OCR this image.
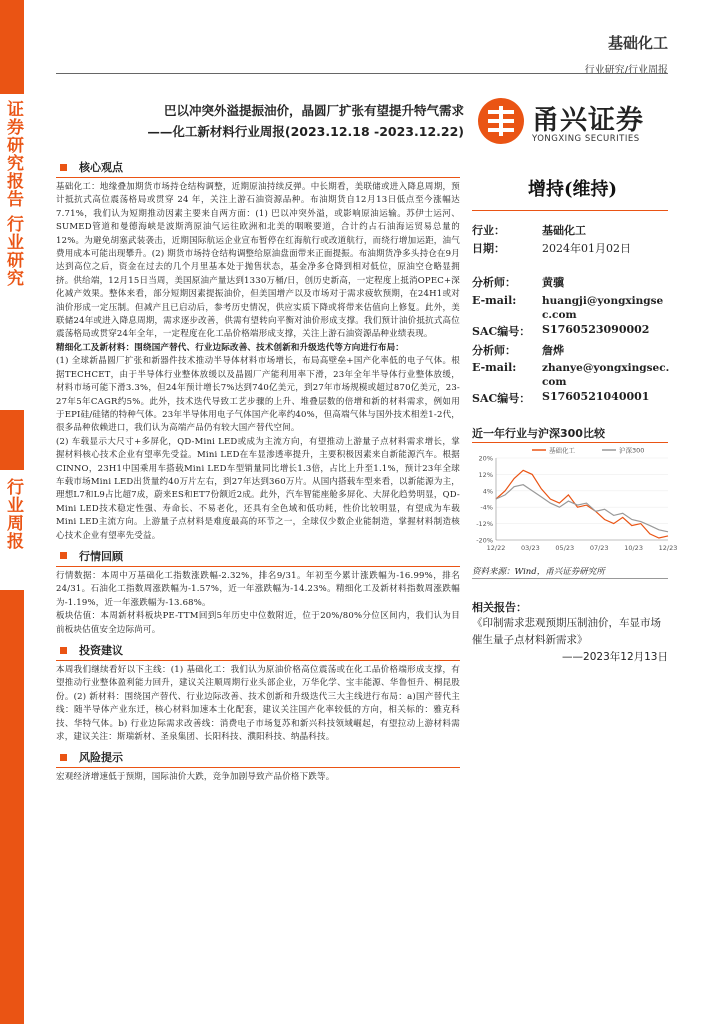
证券研究报告 行业研究
行业周报
基础化工
行业研究/行业周报
巴以冲突外溢提振油价，晶圆厂扩张有望提升特气需求
——化工新材料行业周报(2023.12.18 -2023.12.22)	甬兴证券
YONGXING SECURITIES
核心观点

基础化工：地缘叠加期货市场持仓结构调整，近期原油持续反弹。中长期看，美联储或进入降息周期，预计抵抗式高位震荡格局或贯穿 24 年，关注上游石油资源品种。布油期货自12月13日低点至今涨幅达7.71%，我们认为短期推动因素主要来自两方面：(1) 巴以冲突外溢，或影响原油运输。苏伊士运河、SUMED管道和曼德海峡是波斯湾原油气运往欧洲和北美的咽喉要道，合计约占石油海运贸易总量的12%。为避免胡塞武装袭击，近期国际航运企业宣布暂停在红海航行或改道航行，而绕行增加运距，油气费用成本可能出现攀升。(2) 期货市场持仓结构调整给原油盘面带来正面提振。布油期货净多头持仓在9月达到高位之后，资金在过去的几个月里基本处于抛售状态，基金净多仓降到相对低位，原油空仓略显拥挤。供给端，12月15日当周，美国原油产量达到1330万桶/日，创历史新高，一定程度上抵消OPEC+深化减产效果。整体来看，部分短期因素提振油价，但美国增产以及市场对于需求疲软预期，在24H1或对油价形成一定压制。但减产且已启动后，参考历史情况，供应实质下降或将带来估值向上修复。此外，美联储24年或进入降息周期，需求逐步改善，供需有望转向平衡对油价形成支撑。我们预计油价抵抗式高位震荡格局或贯穿24年全年，一定程度在化工品价格端形成支撑，关注上游石油资源品种业绩表现。

精细化工及新材料：围绕国产替代、行业边际改善、技术创新和升级迭代等方向进行布局：

(1) 全球新晶圆厂扩张和新器件技术推动半导体材料市场增长，布局高壁垒+国产化率低的电子气体。根据TECHCET，由于半导体行业整体放缓以及晶圆厂产能利用率下滑，23年全年半导体行业整体放缓，材料市场可能下滑3.3%，但24年预计增长7%达到740亿美元，到27年市场规模或超过870亿美元，23-27年5年CAGR约5%。此外，技术迭代导致工艺步骤的上升、堆叠层数的倍增和新的材料需求，例如用于EPI硅/硅锗的特种气体。23年半导体用电子气体国产化率约40%，但高端气体与国外技术相差1-2代，很多品种依赖进口，我们认为高端产品仍有较大国产替代空间。

(2) 车载显示大尺寸+多屏化，QD-Mini LED或成为主流方向，有望推动上游量子点材料需求增长，掌握材料核心技术企业有望率先受益。Mini LED在车显渗透率提升，主要积极因素来自新能源汽车。根据CINNO，23H1中国乘用车搭载Mini LED车型销量同比增长1.3倍，占比上升至1.1%，预计23年全球车载市场Mini LED出货量约40万片左右，到27年达到360万片。从国内搭载车型来看，以新能源为主，理想L7和L9占比超7成，蔚来ES和ET7份额近2成。此外，汽车智能座舱多屏化、大屏化趋势明显，QD-Mini LED技术稳定性强、寿命长、不易老化，还具有全色域和低功耗，性价比较明显，有望成为车载Mini LED主流方向。上游量子点材料是难度最高的环节之一，全球仅少数企业能制造，掌握材料制造核心技术企业有望率先受益。

行情回顾

行情数据：本周中万基础化工指数涨跌幅-2.32%，排名9/31。年初至今累计涨跌幅为-16.99%，排名24/31。石油化工指数周涨跌幅为-1.57%，近一年涨跌幅为-14.23%。精细化工及新材料指数周涨跌幅为-1.19%，近一年涨跌幅为-13.68%。

板块估值：本周新材料板块PE-TTM回到5年历史中位数附近，位于20%/80%分位区间内，我们认为目前板块估值安全边际尚可。

投资建议

本周我们继续看好以下主线：(1) 基础化工：我们认为原油价格高位震荡或在化工品价格端形成支撑，有望推动行业整体盈利能力回升，建议关注顺周期行业头部企业，万华化学、宝丰能源、华鲁恒升、桐昆股份。(2) 新材料：围绕国产替代、行业边际改善、技术创新和升级迭代三大主线进行布局：a)国产替代主线：随半导体产业东迁，核心材料加速本土化配套，建议关注国产化率较低的方向，相关标的：雅克科技、华特气体。b) 行业边际需求改善线：消费电子市场复苏和新兴科技领域崛起，有望拉动上游材料需求，建议关注：斯瑞新材、圣泉集团、长阳科技、濮阳科技、纳晶科技。

风险提示

宏观经济增速低于预期，国际油价大跌，竞争加剧导致产品价格下跌等。

增持(维持)
行业：	基础化工
日期：	2024年01月02日
分析师： 黄骥
E-mail: huangji@yongxingsec.com
SAC编号： S1760523090002
分析师： 詹烨
E-mail: zhanye@yongxingsec.com
SAC编号： S1760521040001
近一年行业与沪深300比较
20%
12%
4%
-4%
-12%
-20%
12/22 03/23 05/23 07/23 10/23 12/23
基础化工	沪深300
资料来源：Wind，甬兴证券研究所
相关报告：
《印制需求悲观预期压制油价，车显市场催生量子点材料新需求》
——2023年12月13日
